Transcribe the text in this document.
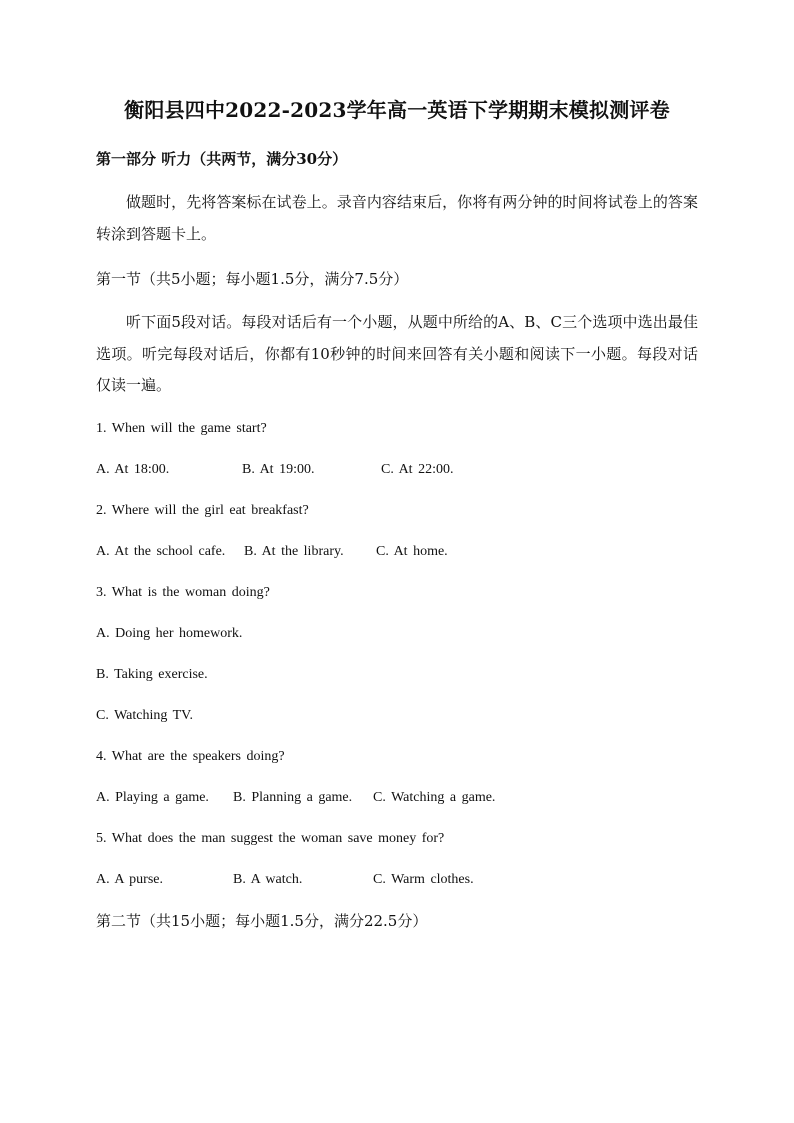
衡阳县四中2022-2023学年高一英语下学期期末模拟测评卷
第一部分 听力（共两节，满分30分）
做题时，先将答案标在试卷上。录音内容结束后，你将有两分钟的时间将试卷上的答案转涂到答题卡上。
第一节（共5小题；每小题1.5分，满分7.5分）
听下面5段对话。每段对话后有一个小题，从题中所给的A、B、C三个选项中选出最佳选项。听完每段对话后，你都有10秒钟的时间来回答有关小题和阅读下一小题。每段对话仅读一遍。
1. When will the game start?
A. At 18:00.	B. At 19:00.	C. At 22:00.
2. Where will the girl eat breakfast?
A. At the school cafe. B. At the library. C. At home.
3. What is the woman doing?
A. Doing her homework.
B. Taking exercise.
C. Watching TV.
4. What are the speakers doing?
A. Playing a game. B. Planning a game. C. Watching a game.
5. What does the man suggest the woman save money for?
A. A purse.	B. A watch.	C. Warm clothes.
第二节（共15小题；每小题1.5分，满分22.5分）
